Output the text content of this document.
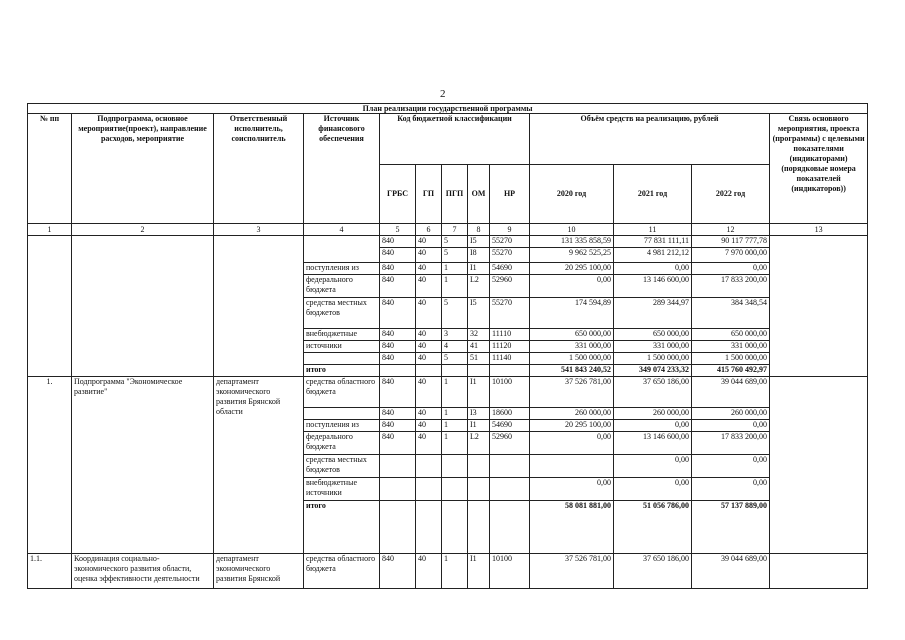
2
План реализации государственной программы												
№ пп	Подпрограмма, основное мероприятие(проект), направление расходов, мероприятие	Ответственный исполнитель, соисполнитель	Источник финансового обеспечения	Код бюджетной классификации					Объём средств на реализацию, рублей			Связь основного мероприятия, проекта (программы) с целевыми показателями (индикаторами) (порядковые номера показателей (индикаторов))
				ГРБС	ГП	ПГП	ОМ	НР	2020 год	2021 год	2022 год	
1	2	3	4	5	6	7	8	9	10	11	12	13
				840	40	5	I5	55270	131 335 858,59	77 831 111,11	90 117 777,78	
				840	40	5	I8	55270	9 962 525,25	4 981 212,12	7 970 000,00	
			поступления из	840	40	1	I1	54690	20 295 100,00	0,00	0,00	
			федерального бюджета	840	40	1	L2	52960	0,00	13 146 600,00	17 833 200,00	
			средства местных бюджетов	840	40	5	I5	55270	174 594,89	289 344,97	384 348,54	
			внебюджетные	840	40	3	32	11110	650 000,00	650 000,00	650 000,00	
			источники	840	40	4	41	11120	331 000,00	331 000,00	331 000,00	
				840	40	5	51	11140	1 500 000,00	1 500 000,00	1 500 000,00	
			итого						541 843 240,52	349 074 233,32	415 760 492,97	
1.	Подпрограмма "Экономическое развитие"	департамент экономического развития Брянской области	средства областного бюджета	840	40	1	I1	10100	37 526 781,00	37 650 186,00	39 044 689,00	
				840	40	1	I3	18600	260 000,00	260 000,00	260 000,00	
			поступления из	840	40	1	I1	54690	20 295 100,00	0,00	0,00	
			федерального бюджета	840	40	1	L2	52960	0,00	13 146 600,00	17 833 200,00	
			средства местных бюджетов							0,00	0,00	
			внебюджетные источники						0,00	0,00	0,00	
			итого						58 081 881,00	51 056 786,00	57 137 889,00	
1.1.	Координация социально-экономического развития области, оценка эффективности деятельности	департамент экономического развития Брянской	средства областного бюджета	840	40	1	I1	10100	37 526 781,00	37 650 186,00	39 044 689,00	
